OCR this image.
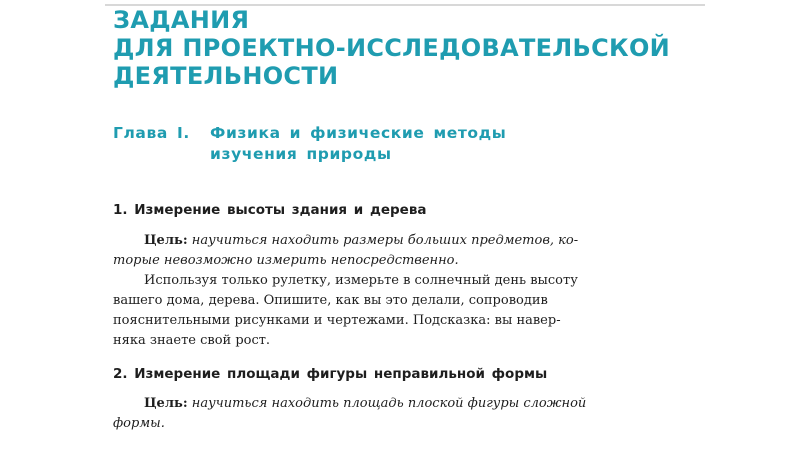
ЗАДАНИЯ
ДЛЯ ПРОЕКТНО-ИССЛЕДОВАТЕЛЬСКОЙ
ДЕЯТЕЛЬНОСТИ
Глава I.	Физика и физические методы
изучения природы
1. Измерение высоты здания и дерева

Цель: научиться находить размеры больших предметов, ко-
торые невозможно измерить непосредственно.

Используя только рулетку, измерьте в солнечный день высоту
вашего дома, дерева. Опишите, как вы это делали, сопроводив
пояснительными рисунками и чертежами. Подсказка: вы навер-
няка знаете свой рост.

2. Измерение площади фигуры неправильной формы

Цель: научиться находить площадь плоской фигуры сложной
формы.
